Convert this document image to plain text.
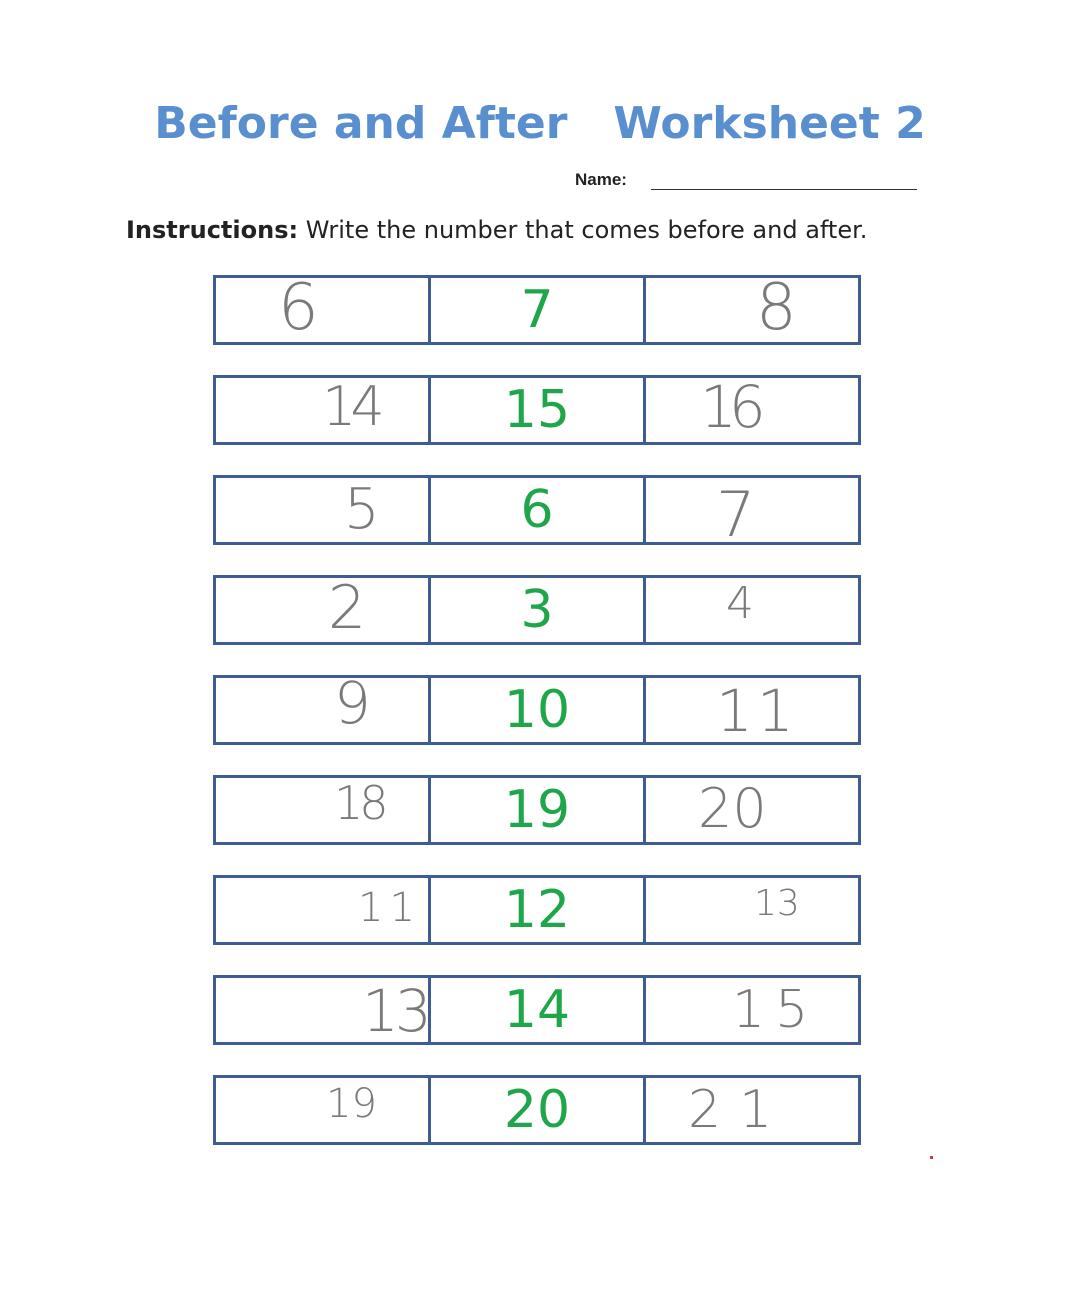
Before and After   Worksheet 2
Name:
Instructions: Write the number that comes before and after.
6	7	8
14	15	16
5	6	7
2	3	4
9	10	11
18	19	20
11	12	13
13	14	15
19	20	21
